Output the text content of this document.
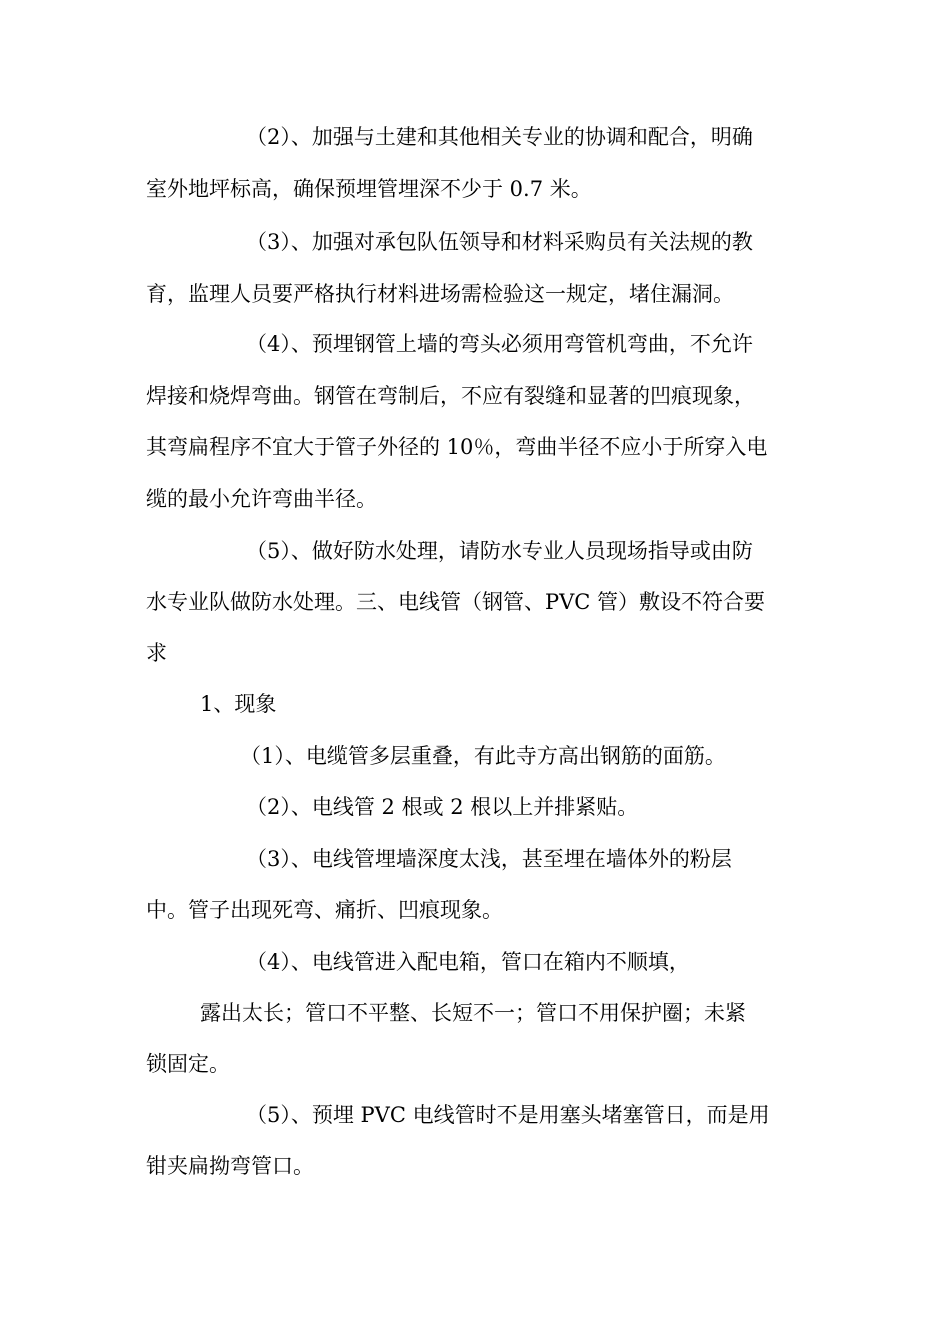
（2）、加强与土建和其他相关专业的协调和配合，明确
室外地坪标高，确保预埋管埋深不少于 0.7 米。
（3）、加强对承包队伍领导和材料采购员有关法规的教
育，监理人员要严格执行材料进场需检验这一规定，堵住漏洞。
（4）、预埋钢管上墙的弯头必须用弯管机弯曲，不允许
焊接和烧焊弯曲。钢管在弯制后，不应有裂缝和显著的凹痕现象，
其弯扁程序不宜大于管子外径的 10％，弯曲半径不应小于所穿入电
缆的最小允许弯曲半径。
（5）、做好防水处理，请防水专业人员现场指导或由防
水专业队做防水处理。三、电线管（钢管、PVC 管）敷设不符合要
求
1、现象
（1）、电缆管多层重叠，有此寺方高出钢筋的面筋。
（2）、电线管 2 根或 2 根以上并排紧贴。
（3）、电线管埋墙深度太浅，甚至埋在墙体外的粉层
中。管子出现死弯、痛折、凹痕现象。
（4）、电线管进入配电箱，管口在箱内不顺填，
露出太长；管口不平整、长短不一；管口不用保护圈；未紧
锁固定。
（5）、预埋 PVC 电线管时不是用塞头堵塞管日，而是用
钳夹扁拗弯管口。
